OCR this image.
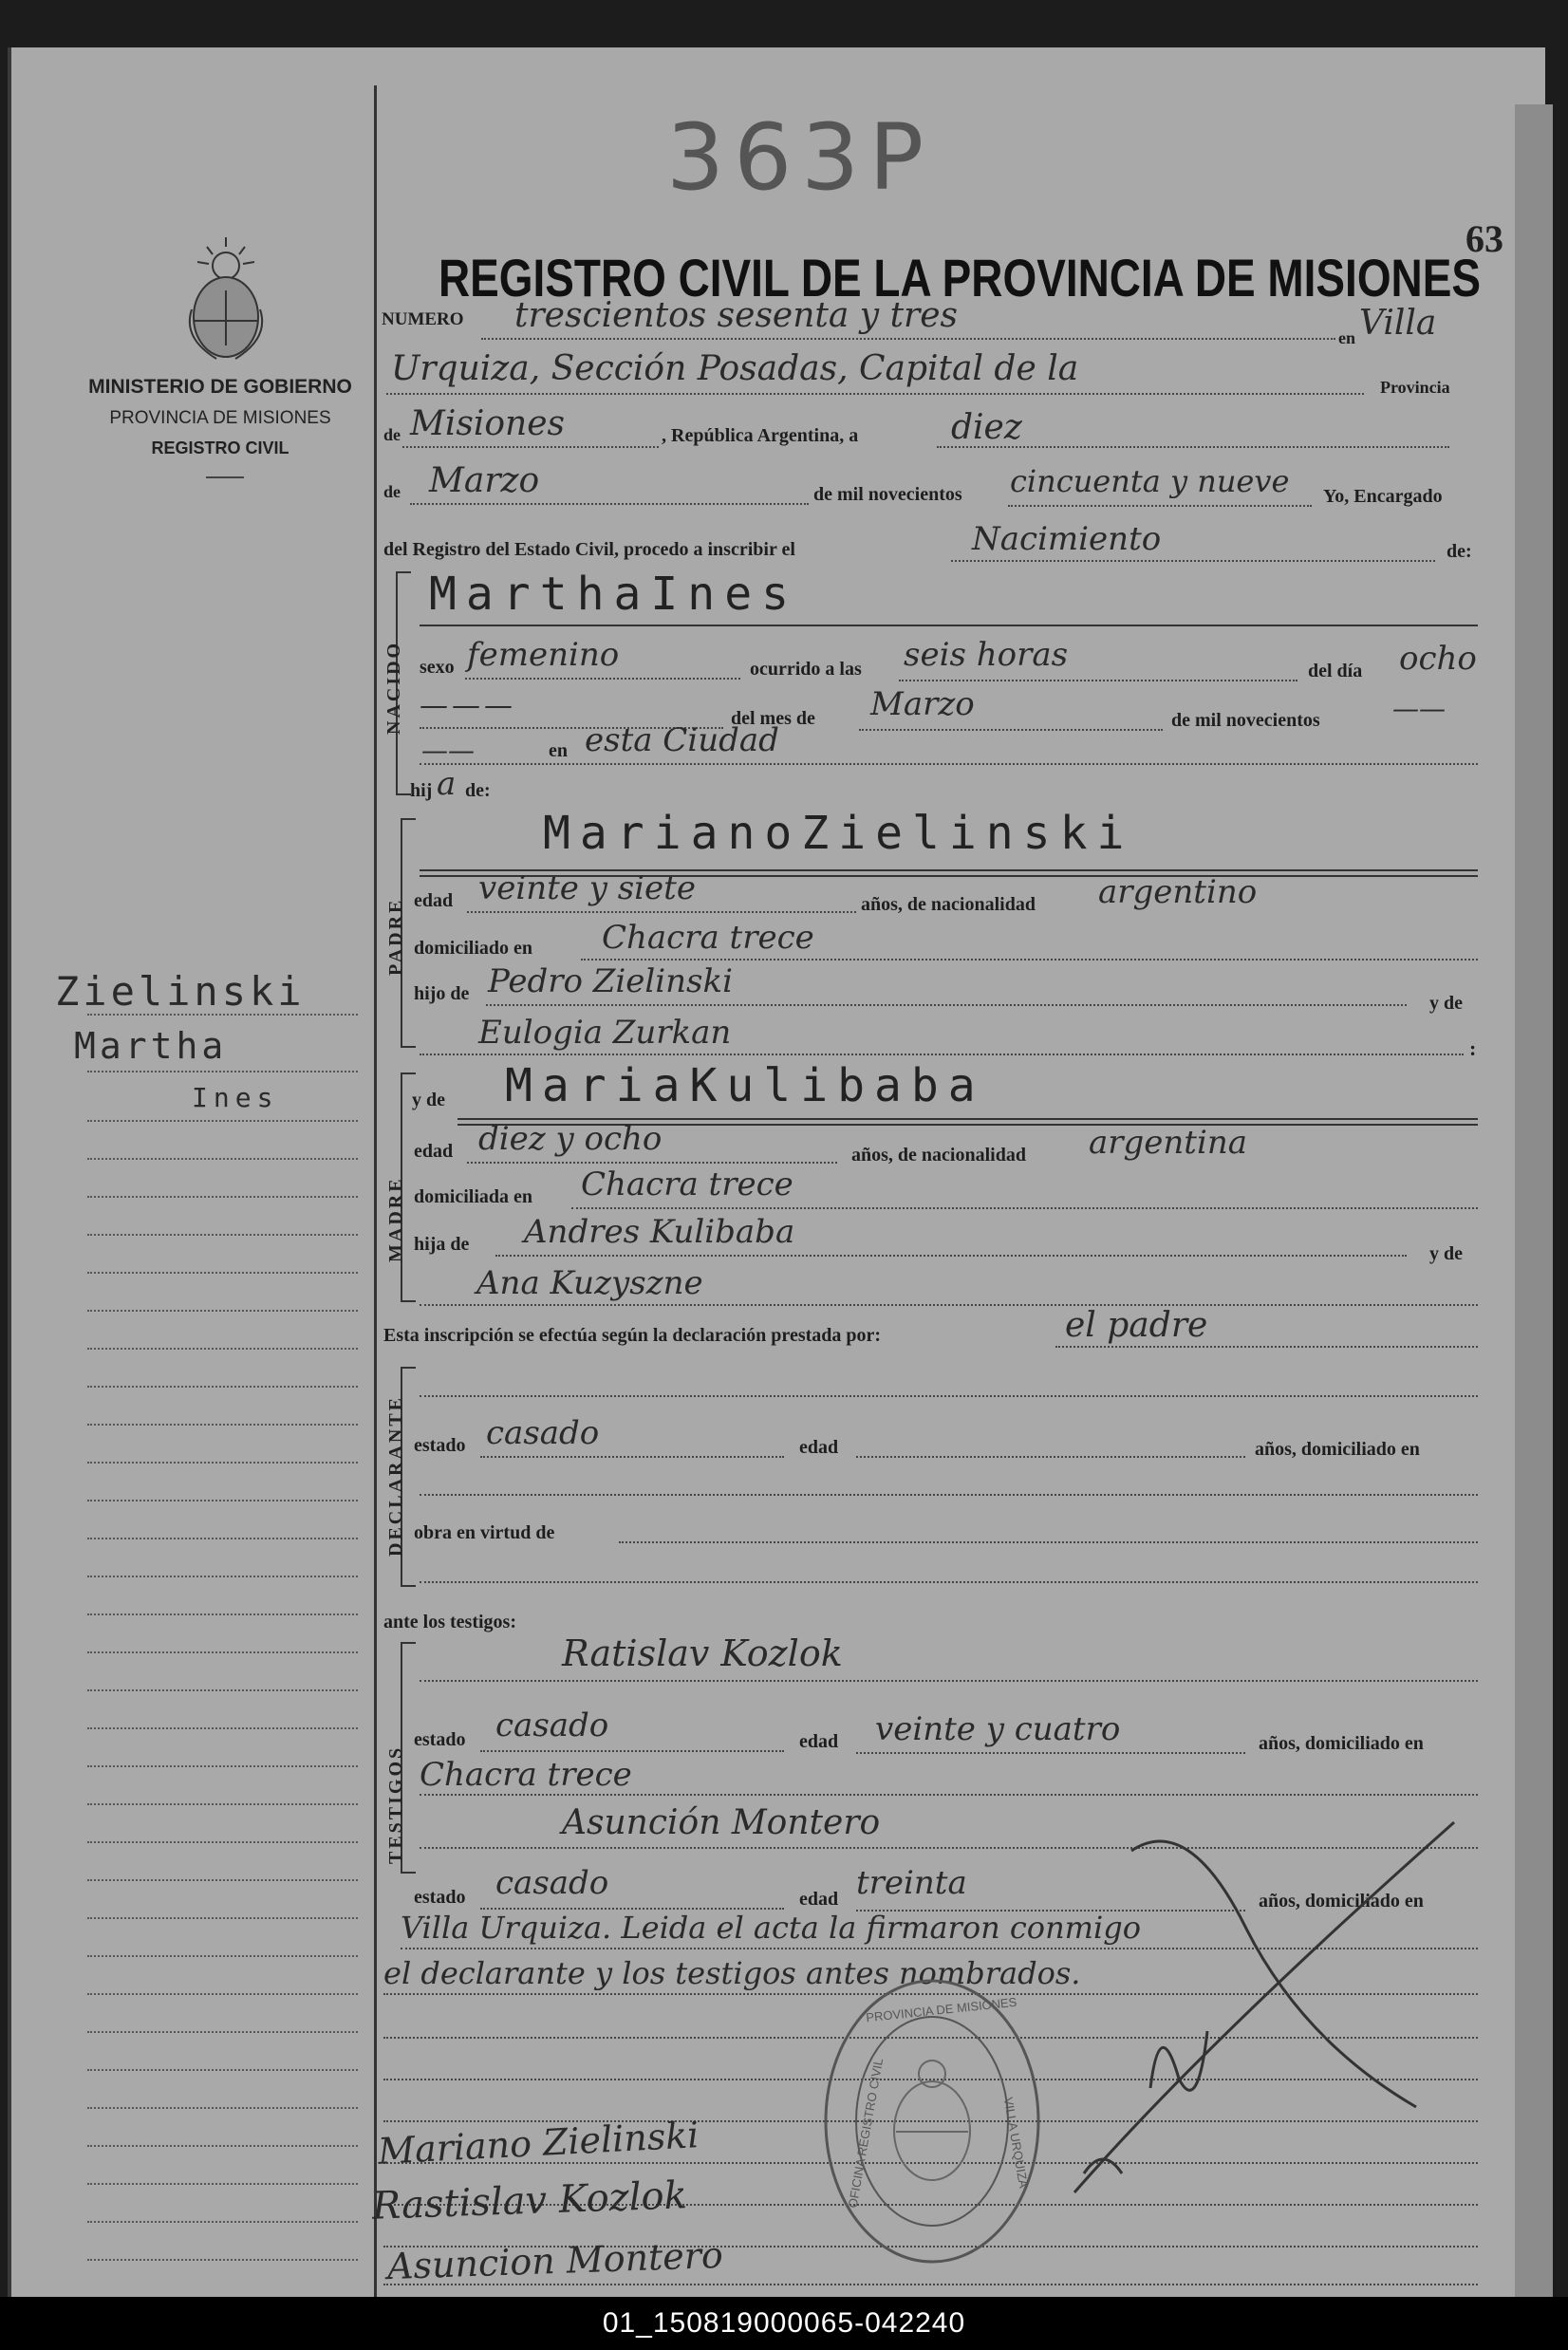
363P
63
MINISTERIO DE GOBIERNO
PROVINCIA DE MISIONES
REGISTRO CIVIL
Zielinski
Martha
Ines
REGISTRO CIVIL DE LA PROVINCIA DE MISIONES
NUMERO trescientos sesenta y tres
en Villa
Urquiza, Sección Posadas, Capital de la	Provincia
de Misiones	, República Argentina, a	diez
de Marzo	de mil novecientos cincuenta y nueve Yo, Encargado
del Registro del Estado Civil, procedo a inscribir el	Nacimiento	de:
NACIDO
MarthaInes
sexo femenino	ocurrido a las seis horas	del día ocho
———	del mes de Marzo	de mil novecientos	——
——	en esta Ciudad
hij a de:
PADRE
MarianoZielinski
edad veinte y siete	años, de nacionalidad argentino
domiciliado en Chacra trece
hijo de Pedro Zielinski
y de
Eulogia Zurkan	:
MADRE
y de MariaKulibaba
edad diez y ocho	años, de nacionalidad argentina
domiciliada en Chacra trece
hija de Andres Kulibaba
y de
Ana Kuzyszne
Esta inscripción se efectúa según la declaración prestada por:	el padre
DECLARANTE estado casado	edad	años, domiciliado en
obra en virtud de
ante los testigos:
TESTIGOS
Ratislav Kozlok
estado casado	edad veinte y cuatro	años, domiciliado en
Chacra trece
Asunción Montero
estado casado	edad treinta	años, domiciliado en
Villa Urquiza. Leida el acta la firmaron conmigo
el declarante y los testigos antes nombrados.
PROVINCIA DE MISIONES
OFICINA REGISTRO CIVIL	VILLA URQUIZA
Mariano Zielinski
Rastislav Kozlok
Asuncion Montero
01_150819000065-042240
